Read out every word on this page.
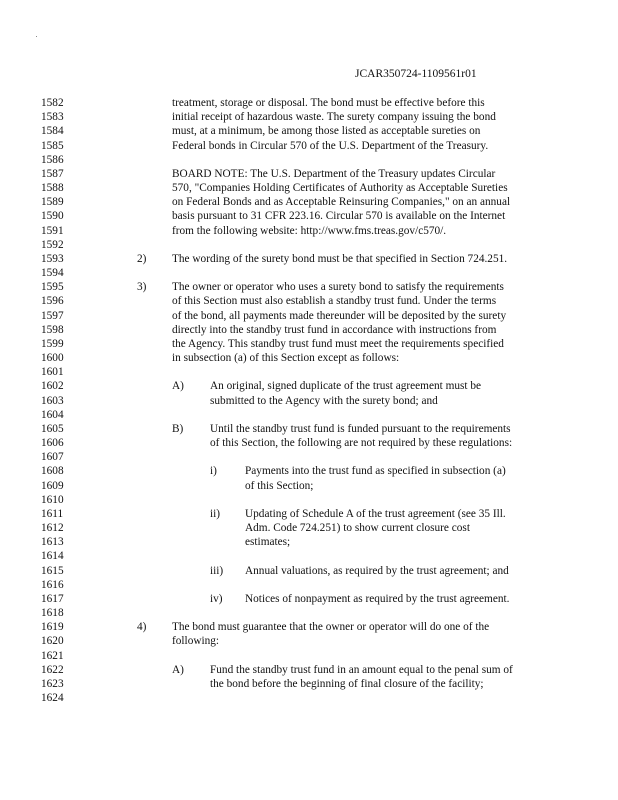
JCAR350724-1109561r01
1582	treatment, storage or disposal. The bond must be effective before this
1583	initial receipt of hazardous waste. The surety company issuing the bond
1584	must, at a minimum, be among those listed as acceptable sureties on
1585	Federal bonds in Circular 570 of the U.S. Department of the Treasury.
1586
1587	BOARD NOTE: The U.S. Department of the Treasury updates Circular
1588	570, "Companies Holding Certificates of Authority as Acceptable Sureties
1589	on Federal Bonds and as Acceptable Reinsuring Companies," on an annual
1590	basis pursuant to 31 CFR 223.16. Circular 570 is available on the Internet
1591	from the following website: http://www.fms.treas.gov/c570/.
1592
1593	2) The wording of the surety bond must be that specified in Section 724.251.
1594
1595	3) The owner or operator who uses a surety bond to satisfy the requirements
1596	of this Section must also establish a standby trust fund. Under the terms
1597	of the bond, all payments made thereunder will be deposited by the surety
1598	directly into the standby trust fund in accordance with instructions from
1599	the Agency. This standby trust fund must meet the requirements specified
1600	in subsection (a) of this Section except as follows:
1601
1602	A) An original, signed duplicate of the trust agreement must be
1603	submitted to the Agency with the surety bond; and
1604
1605	B) Until the standby trust fund is funded pursuant to the requirements
1606	of this Section, the following are not required by these regulations:
1607
1608	i) Payments into the trust fund as specified in subsection (a)
1609	of this Section;
1610
1611	ii) Updating of Schedule A of the trust agreement (see 35 Ill.
1612	Adm. Code 724.251) to show current closure cost
1613	estimates;
1614
1615	iii) Annual valuations, as required by the trust agreement; and
1616
1617	iv) Notices of nonpayment as required by the trust agreement.
1618
1619	4) The bond must guarantee that the owner or operator will do one of the
1620	following:
1621
1622	A) Fund the standby trust fund in an amount equal to the penal sum of
1623	the bond before the beginning of final closure of the facility;
1624
